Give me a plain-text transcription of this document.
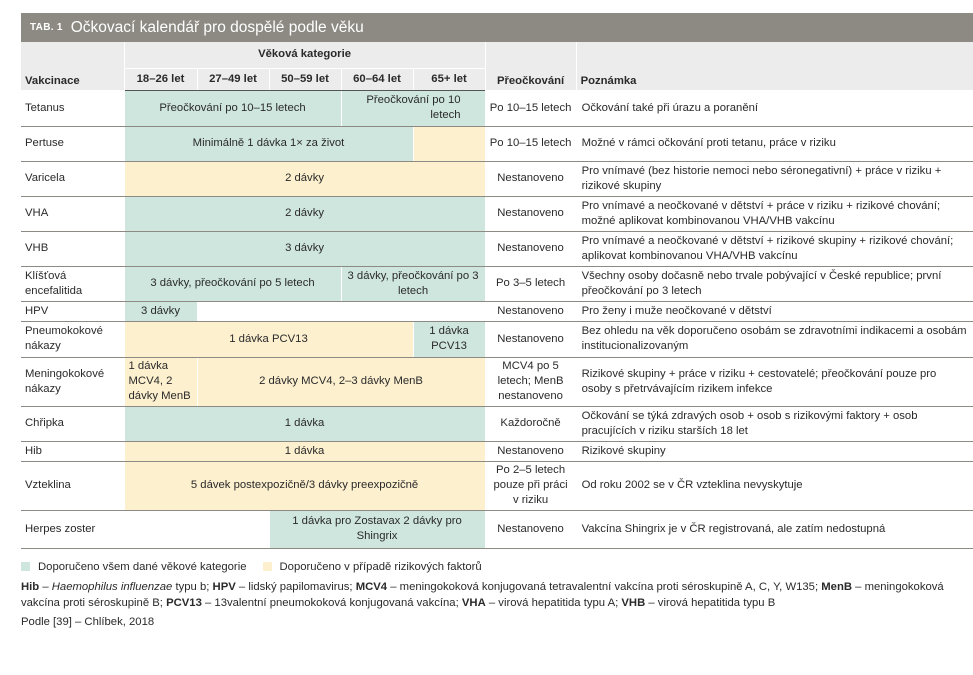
TAB. 1 Očkovací kalendář pro dospělé podle věku
Vakcinace	Věková kategorie					Přeočkování	Poznámka
	18–26 let	27–49 let	50–59 let	60–64 let	65+ let		
Tetanus	Přeočkování po 10–15 letech			Přeočkování po 10 letech		Po 10–15 letech	Očkování také při úrazu a poranění
Pertuse	Minimálně 1 dávka 1× za život					Po 10–15 letech	Možné v rámci očkování proti tetanu, práce v riziku
Varicela	2 dávky					Nestanoveno	Pro vnímavé (bez historie nemoci nebo séronegativní) + práce v riziku + rizikové skupiny
VHA	2 dávky					Nestanoveno	Pro vnímavé a neočkované v dětství + práce v riziku + rizikové chování; možné aplikovat kombinovanou VHA/VHB vakcínu
VHB	3 dávky					Nestanoveno	Pro vnímavé a neočkované v dětství + rizikové skupiny + rizikové chování; aplikovat kombinovanou VHA/VHB vakcínu
Klíšťová encefalitida	3 dávky, přeočkování po 5 letech			3 dávky, přeočkování po 3 letech		Po 3–5 letech	Všechny osoby dočasně nebo trvale pobývající v České republice; první přeočkování po 3 letech
HPV	3 dávky					Nestanoveno	Pro ženy i muže neočkované v dětství
Pneumokokové nákazy	1 dávka PCV13				1 dávka PCV13	Nestanoveno	Bez ohledu na věk doporučeno osobám se zdravotními indikacemi a osobám institucionalizovaným
Meningokokové nákazy	1 dávka MCV4, 2 dávky MenB	2 dávky MCV4, 2–3 dávky MenB				MCV4 po 5 letech; MenB nestanoveno	Rizikové skupiny + práce v riziku + cestovatelé; přeočkování pouze pro osoby s přetrvávajícím rizikem infekce
Chřipka	1 dávka					Každoročně	Očkování se týká zdravých osob + osob s rizikovými faktory + osob pracujících v riziku starších 18 let
Hib	1 dávka					Nestanoveno	Rizikové skupiny
Vzteklina	5 dávek postexpozičně/3 dávky preexpozičně					Po 2–5 letech pouze při práci v riziku	Od roku 2002 se v ČR vzteklina nevyskytuje
Herpes zoster			1 dávka pro Zostavax 2 dávky pro Shingrix			Nestanoveno	Vakcína Shingrix je v ČR registrovaná, ale zatím nedostupná
Doporučeno všem dané věkové kategorie	Doporučeno v případě rizikových faktorů
Hib – Haemophilus influenzae typu b; HPV – lidský papilomavirus; MCV4 – meningokoková konjugovaná tetravalentní vakcína proti séroskupině A, C, Y, W135; MenB – meningokoková vakcína proti séroskupině B; PCV13 – 13valentní pneumokoková konjugovaná vakcína; VHA – virová hepatitida typu A; VHB – virová hepatitida typu B
Podle [39] – Chlíbek, 2018
